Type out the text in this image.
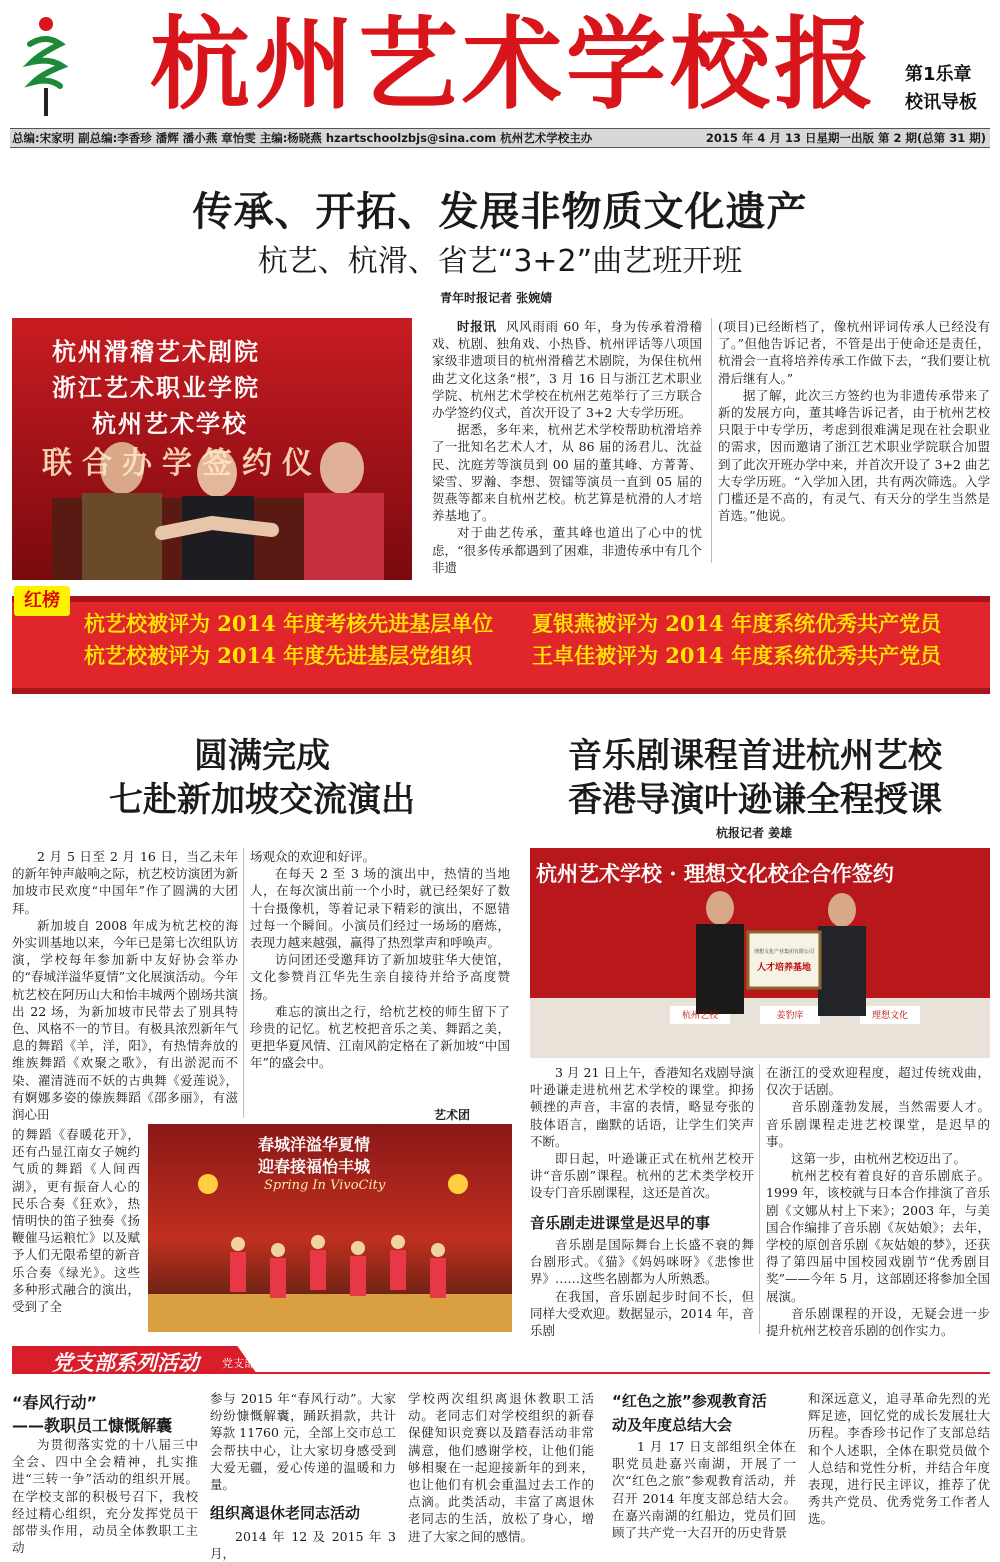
杭州艺术学校报 第1乐章
校讯导板
总编:宋家明 副总编:李香珍 潘辉 潘小燕 章怡雯 主编:杨晓燕 hzartschoolzbjs@sina.com 杭州艺术学校主办	2015 年 4 月 13 日星期一出版 第 2 期(总第 31 期)
传承、开拓、发展非物质文化遗产
杭艺、杭滑、省艺“3+2”曲艺班开班
青年时报记者 张婉婧
杭州滑稽艺术剧院
浙江艺术职业学院
杭州艺术学校
联合办学签约仪

时报讯 风风雨雨 60 年，身为传承着滑稽戏、杭剧、独角戏、小热昏、杭州评话等八项国家级非遗项目的杭州滑稽艺术剧院，为保住杭州曲艺文化这条“根”，3 月 16 日与浙江艺术职业学院、杭州艺术学校在杭州艺苑举行了三方联合办学签约仪式，首次开设了 3+2 大专学历班。

据悉，多年来，杭州艺术学校帮助杭滑培养了一批知名艺术人才，从 86 届的汤君儿、沈益民、沈庭芳等演员到 00 届的董其峰、方菁菁、梁雪、罗瀚、李想、贺镭等演员一直到 05 届的贺燕等都来自杭州艺校。杭艺算是杭滑的人才培养基地了。

对于曲艺传承，董其峰也道出了心中的忧虑，“很多传承都遇到了困难，非遗传承中有几个非遗

(项目)已经断档了，像杭州评词传承人已经没有了。”但他告诉记者，不管是出于使命还是责任，杭滑会一直将培养传承工作做下去，“我们要让杭滑后继有人。”

据了解，此次三方签约也为非遗传承带来了新的发展方向，董其峰告诉记者，由于杭州艺校只限于中专学历，考虑到很难满足现在社会职业的需求，因而邀请了浙江艺术职业学院联合加盟到了此次开班办学中来，并首次开设了 3+2 曲艺大专学历班。“入学加入团，共有两次筛选。入学门槛还是不高的，有灵气、有天分的学生当然是首选。”他说。

红榜
杭艺校被评为 2014 年度考核先进基层单位 夏银燕被评为 2014 年度系统优秀共产党员
杭艺校被评为 2014 年度先进基层党组织	王卓佳被评为 2014 年度系统优秀共产党员
圆满完成
七赴新加坡交流演出

2 月 5 日至 2 月 16 日，当乙未年的新年钟声敲响之际，杭艺校访演团为新加坡市民欢度“中国年”作了圆满的大团拜。

新加坡自 2008 年成为杭艺校的海外实训基地以来，今年已是第七次组队访演，学校每年参加新中友好协会举办的“春城洋溢华夏情”文化展演活动。今年杭艺校在阿历山大和怡丰城两个剧场共演出 22 场，为新加坡市民带去了别具特色、风格不一的节目。有极具浓烈新年气息的舞蹈《羊，洋，阳》，有热情奔放的维族舞蹈《欢聚之歌》，有出淤泥而不染、濯清涟而不妖的古典舞《爱莲说》，有婀娜多姿的傣族舞蹈《邵多丽》，有滋润心田

的舞蹈《春暖花开》，还有凸显江南女子婉约气质的舞蹈《人间西湖》，更有振奋人心的民乐合奏《狂欢》，热情明快的笛子独奏《扬鞭催马运粮忙》以及赋予人们无限希望的新音乐合奏《绿光》。这些多种形式融合的演出，受到了全

场观众的欢迎和好评。

在每天 2 至 3 场的演出中，热情的当地人，在每次演出前一个小时，就已经架好了数十台摄像机，等着记录下精彩的演出，不愿错过每一个瞬间。小演员们经过一场场的磨炼，表现力越来越强，赢得了热烈掌声和呼唤声。

访问团还受邀拜访了新加坡驻华大使馆，文化参赞肖江华先生亲自接待并给予高度赞扬。

难忘的演出之行，给杭艺校的师生留下了珍贵的记忆。杭艺校把音乐之美、舞蹈之美，更把华夏风情、江南风韵定格在了新加坡“中国年”的盛会中。

艺术团
春城洋溢华夏情
迎春接福怡丰城
Spring In VivoCity
音乐剧课程首进杭州艺校
香港导演叶逊谦全程授课
杭报记者 姜雄
杭州艺术学校 · 理想文化校企合作签约
理想文化产业集团有限公司
人才培养基地
杭州艺校	姜豹庠	理想文化

3 月 21 日上午，香港知名戏剧导演叶逊谦走进杭州艺术学校的课堂。抑扬顿挫的声音，丰富的表情，略显夸张的肢体语言，幽默的话语，让学生们笑声不断。

即日起，叶逊谦正式在杭州艺校开讲“音乐剧”课程。杭州的艺术类学校开设专门音乐剧课程，这还是首次。

音乐剧走进课堂是迟早的事

音乐剧是国际舞台上长盛不衰的舞台剧形式。《猫》《妈妈咪呀》《悲惨世界》……这些名剧都为人所熟悉。

在我国，音乐剧起步时间不长，但同样大受欢迎。数据显示，2014 年，音乐剧

在浙江的受欢迎程度，超过传统戏曲，仅次于话剧。

音乐剧蓬勃发展，当然需要人才。音乐剧课程走进艺校课堂，是迟早的事。

这第一步，由杭州艺校迈出了。

杭州艺校有着良好的音乐剧底子。1999 年，该校就与日本合作排演了音乐剧《文娜从村上下来》；2003 年，与美国合作编排了音乐剧《灰姑娘》；去年，学校的原创音乐剧《灰姑娘的梦》，还获得了第四届中国校园戏剧节“优秀剧目奖”——今年 5 月，这部剧还将参加全国展演。

音乐剧课程的开设，无疑会进一步提升杭州艺校音乐剧的创作实力。

党支部系列活动 党支部
“春风行动”
——教职员工慷慨解囊

为贯彻落实党的十八届三中全会、四中全会精神，扎实推进“三转一争”活动的组织开展。在学校支部的积极号召下，我校经过精心组织，充分发挥党员干部带头作用，动员全体教职工主动

参与 2015 年“春风行动”。大家纷纷慷慨解囊，踊跃捐款，共计筹款 11760 元，全部上交市总工会帮扶中心，让大家切身感受到大爱无疆，爱心传递的温暖和力量。

组织离退休老同志活动

2014 年 12 及 2015 年 3 月，

学校两次组织离退休教职工活动。老同志们对学校组织的新春保健知识竞赛以及踏春活动非常满意，他们感谢学校，让他们能够相聚在一起迎接新年的到来，也让他们有机会重温过去工作的点滴。此类活动，丰富了离退休老同志的生活，放松了身心，增进了大家之间的感情。

“红色之旅”参观教育活
动及年度总结大会

1 月 17 日支部组织全体在职党员赴嘉兴南湖，开展了一次“红色之旅”参观教育活动，并召开 2014 年度支部总结大会。在嘉兴南湖的红船边，党员们回顾了共产党一大召开的历史背景

和深远意义，追寻革命先烈的光辉足迹，回忆党的成长发展壮大历程。李香珍书记作了支部总结和个人述职，全体在职党员做个人总结和党性分析，并结合年度表现，进行民主评议，推荐了优秀共产党员、优秀党务工作者人选。
